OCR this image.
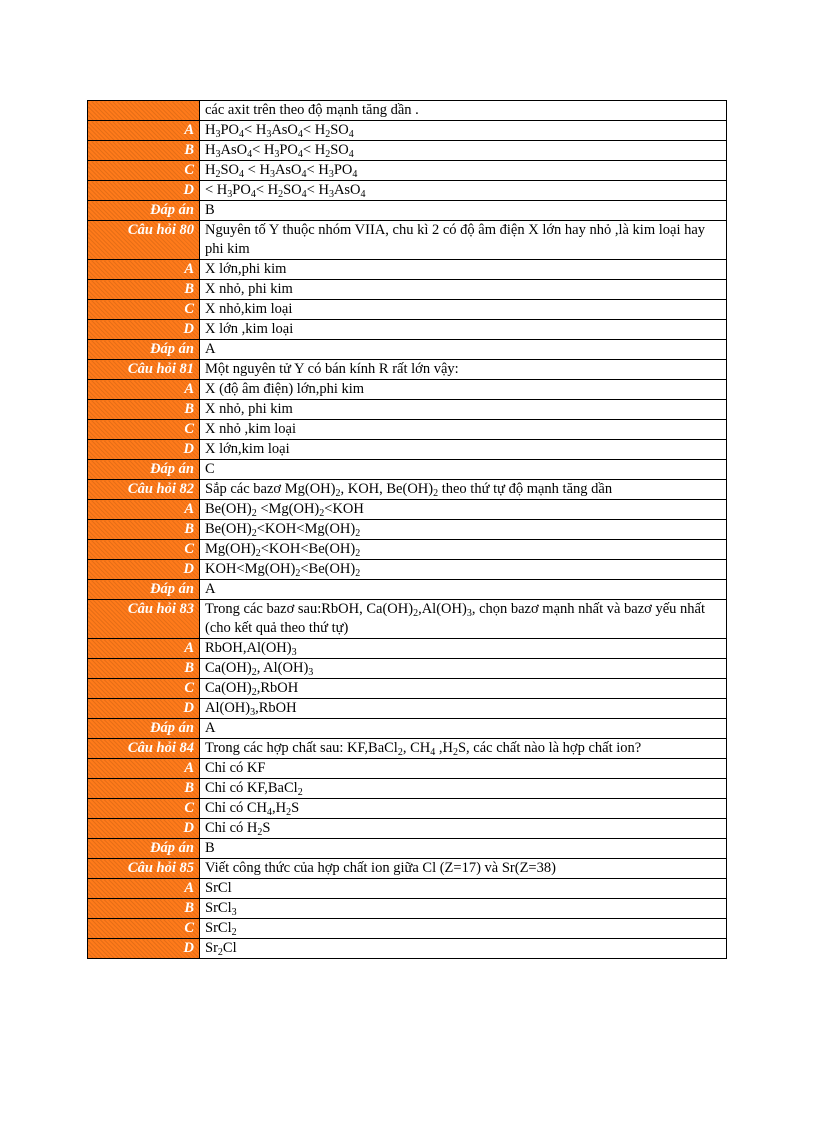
	các axit trên theo độ mạnh tăng dần .
A	$H_3PO_4< H_3AsO_4< H_2SO_4$
B	$H_3AsO_4< H_3PO_4< H_2SO_4$
C	$H_2SO_4 < H_3AsO_4< H_3PO_4$
D	< $H_3PO_4< H_2SO_4< H_3AsO_4$
Đáp án	B
Câu hỏi 80	Nguyên tố Y thuộc nhóm VIIA, chu kì 2 có độ âm điện X lớn hay nhỏ ,là kim loại hay phi kim
A	X lớn,phi kim
B	X nhỏ, phi kim
C	X nhỏ,kim loại
D	X lớn ,kim loại
Đáp án	A
Câu hỏi 81	Một nguyên tử Y có bán kính R rất lớn vậy:
A	X (độ âm điện) lớn,phi kim
B	X nhỏ, phi kim
C	X nhỏ ,kim loại
D	X lớn,kim loại
Đáp án	C
Câu hỏi 82	Sắp các bazơ $Mg(OH)_2$, KOH, $Be(OH)_2$ theo thứ tự độ mạnh tăng dần
A	$Be(OH)_2 <Mg(OH)_2<KOH$
B	$Be(OH)_2<KOH<Mg(OH)_2$
C	$Mg(OH)_2<KOH<Be(OH)_2$
D	$KOH<Mg(OH)_2<Be(OH)_2$
Đáp án	A
Câu hỏi 83	Trong các bazơ sau:RbOH, $Ca(OH)_2,Al(OH)_3$, chọn bazơ mạnh nhất và bazơ yếu nhất (cho kết quả theo thứ tự)
A	$RbOH,Al(OH)_3$
B	$Ca(OH)_2$, $Al(OH)_3$
C	$Ca(OH)_2,RbOH$
D	$Al(OH)_3,RbOH$
Đáp án	A
Câu hỏi 84	Trong các hợp chất sau: KF,BaCl$_2$, $CH_4$ $,H_2S$, các chất nào là hợp chất ion?
A	Chỉ có KF
B	Chỉ có KF,BaCl$_2$
C	Chỉ có $CH_4,H_2S$
D	Chỉ có $H_2S$
Đáp án	B
Câu hỏi 85	Viết công thức của hợp chất ion giữa Cl (Z=17) và Sr(Z=38)
A	SrCl
B	SrCl$_3$
C	SrCl$_2$
D	$Sr_2Cl$
